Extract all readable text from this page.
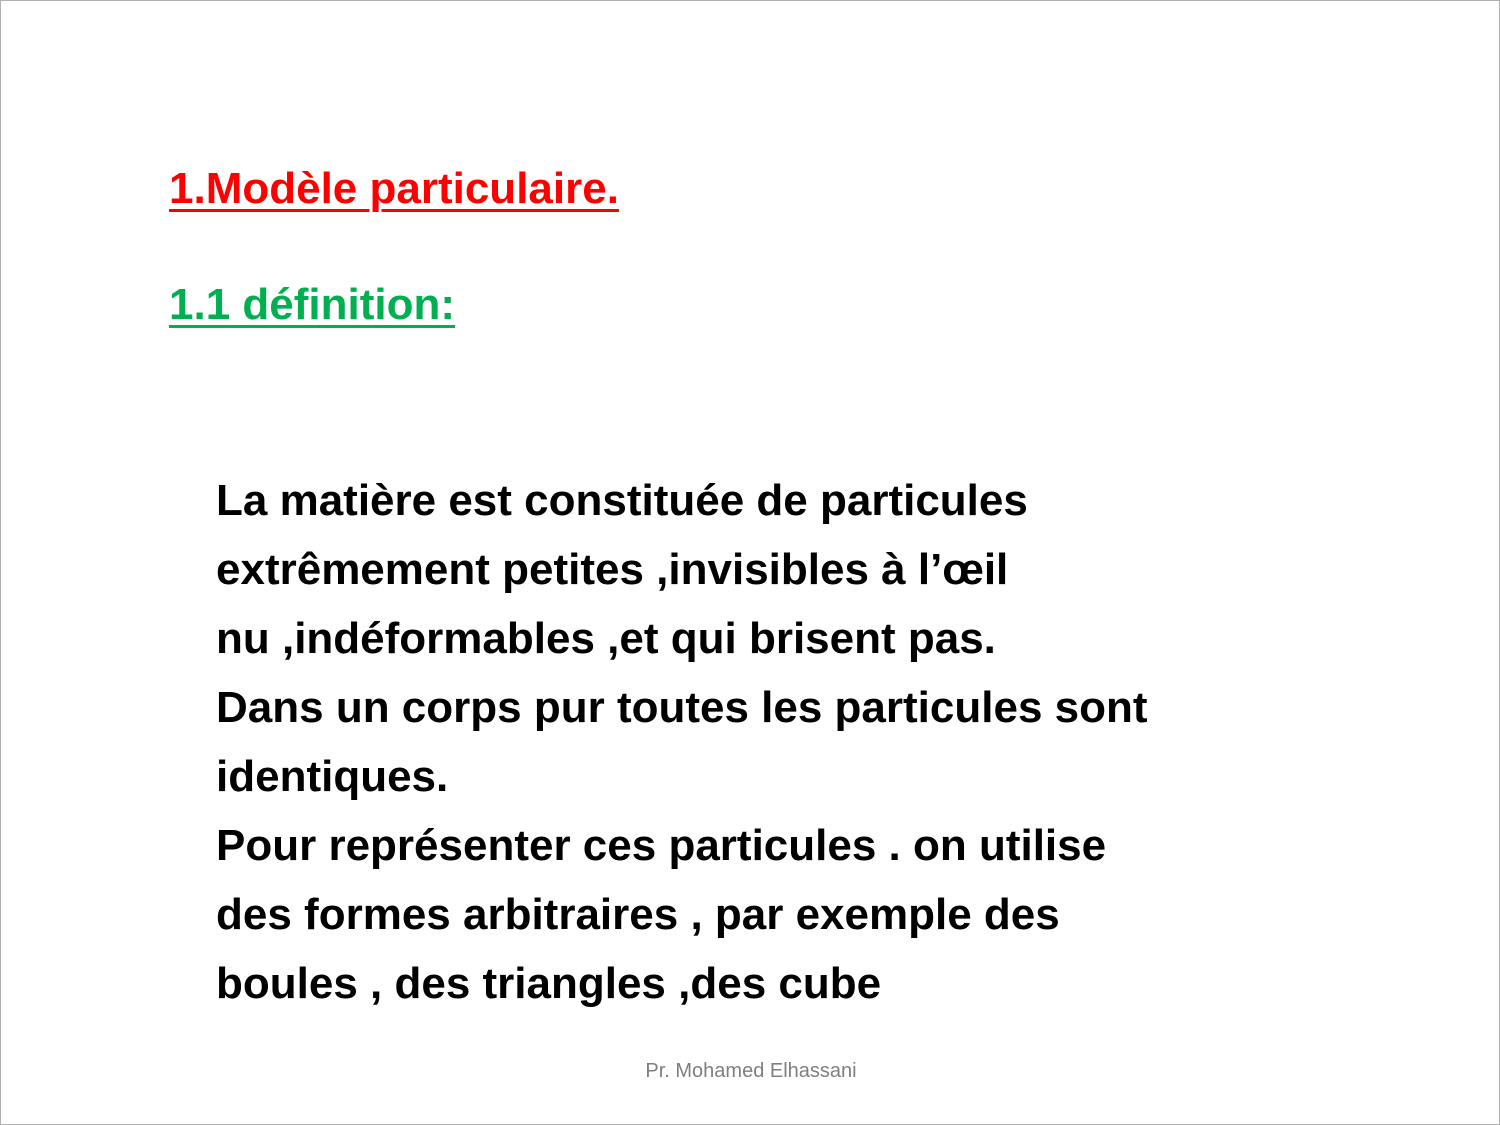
1.Modèle particulaire.
1.1 définition:
La matière est constituée de particules
extrêmement petites ,invisibles à l’œil
nu ,indéformables ,et qui brisent pas.
Dans un corps pur toutes les particules sont
identiques.
Pour représenter ces particules . on utilise
des formes arbitraires , par exemple des
boules , des triangles ,des cube
Pr. Mohamed Elhassani
